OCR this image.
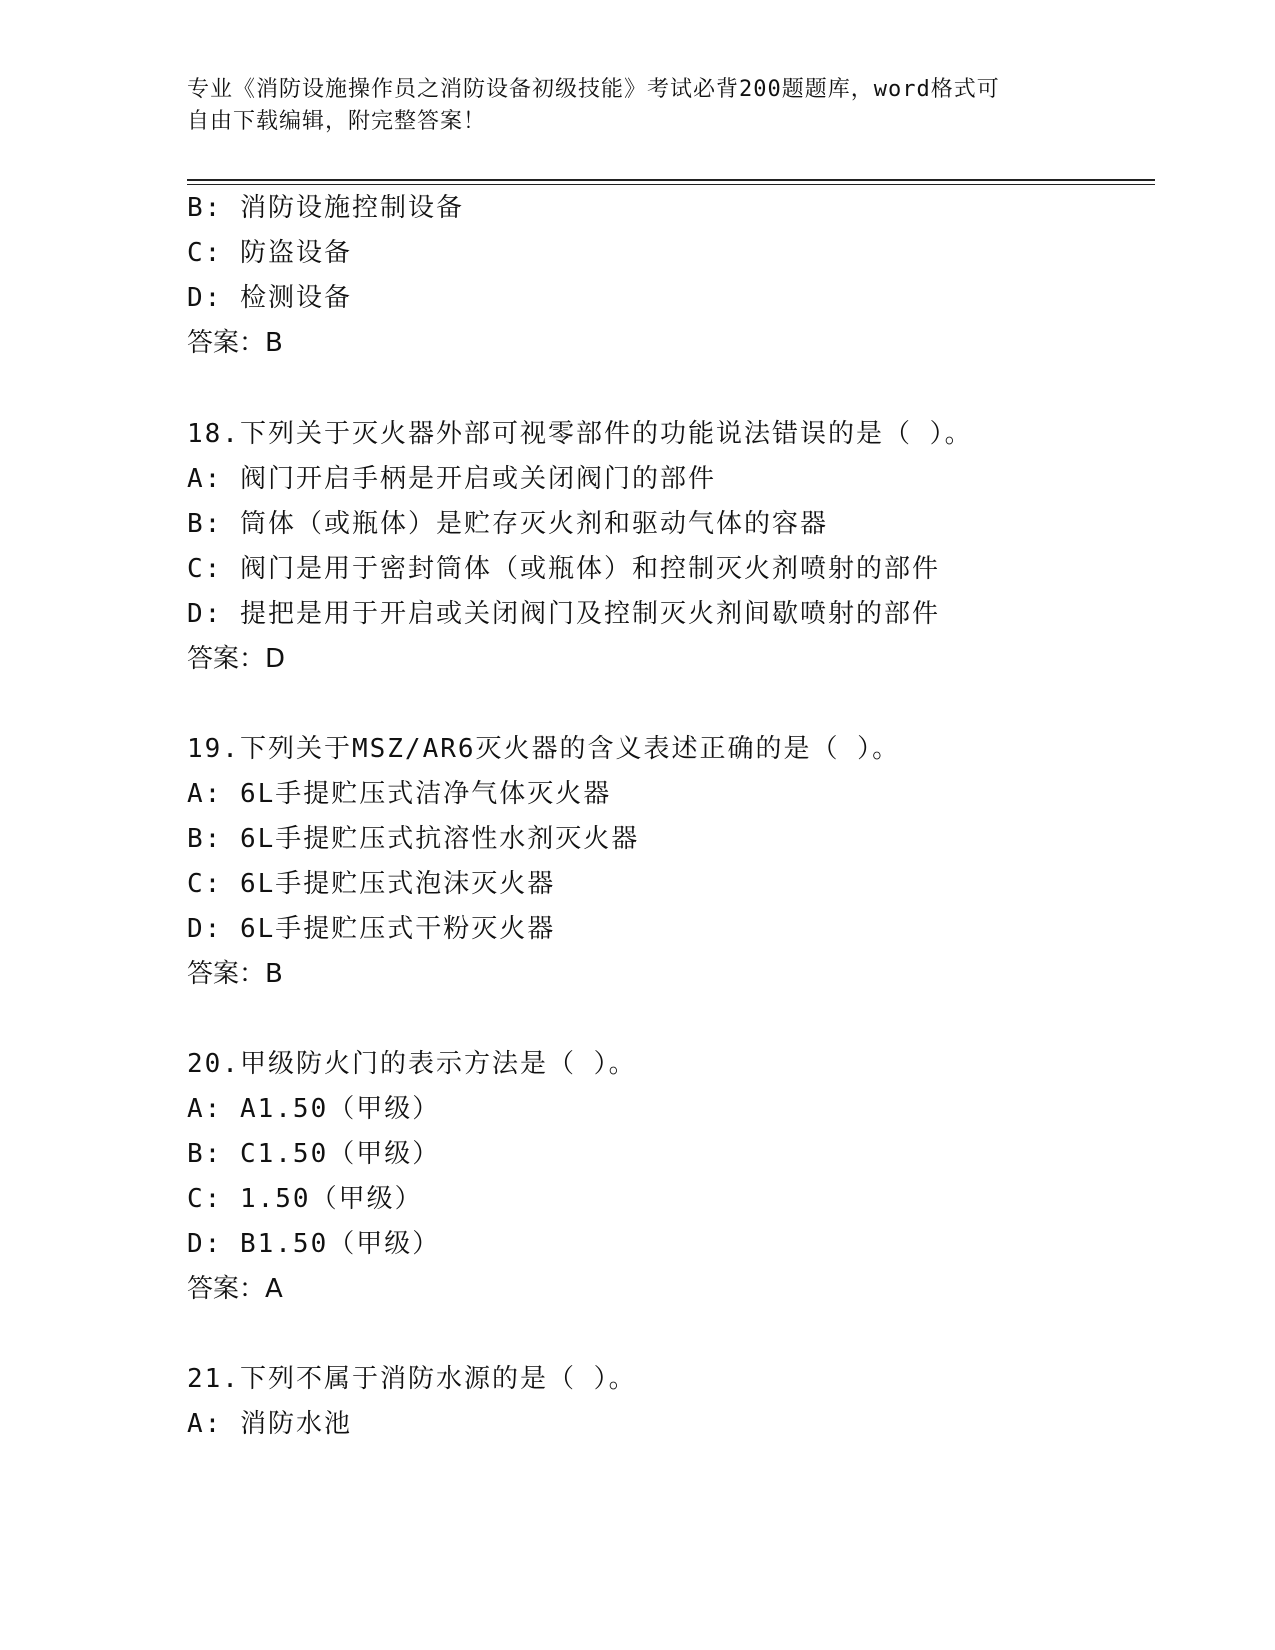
专业《消防设施操作员之消防设备初级技能》考试必背200题题库，word格式可
自由下载编辑，附完整答案！
B: 消防设施控制设备
C: 防盗设备
D: 检测设备
答案：B
18.下列关于灭火器外部可视零部件的功能说法错误的是（ ）。
A: 阀门开启手柄是开启或关闭阀门的部件
B: 筒体（或瓶体）是贮存灭火剂和驱动气体的容器
C: 阀门是用于密封筒体（或瓶体）和控制灭火剂喷射的部件
D: 提把是用于开启或关闭阀门及控制灭火剂间歇喷射的部件
答案：D
19.下列关于MSZ/AR6灭火器的含义表述正确的是（ ）。
A: 6L手提贮压式洁净气体灭火器
B: 6L手提贮压式抗溶性水剂灭火器
C: 6L手提贮压式泡沫灭火器
D: 6L手提贮压式干粉灭火器
答案：B
20.甲级防火门的表示方法是（ ）。
A: A1.50（甲级）
B: C1.50（甲级）
C: 1.50（甲级）
D: B1.50（甲级）
答案：A
21.下列不属于消防水源的是（ ）。
A: 消防水池
